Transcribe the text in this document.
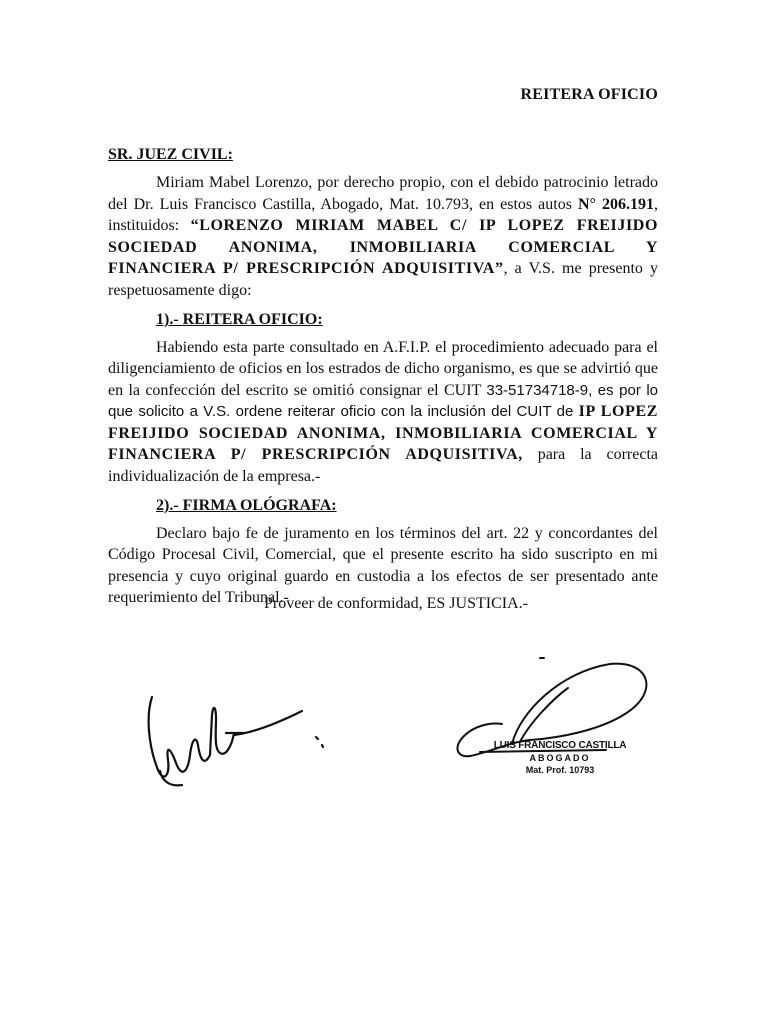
REITERA OFICIO
SR. JUEZ CIVIL:

Miriam Mabel Lorenzo, por derecho propio, con el debido patrocinio letrado del Dr. Luis Francisco Castilla, Abogado, Mat. 10.793, en estos autos N° 206.191, instituidos: “LORENZO MIRIAM MABEL C/ IP LOPEZ FREIJIDO SOCIEDAD ANONIMA, INMOBILIARIA COMERCIAL Y FINANCIERA P/ PRESCRIPCIÓN ADQUISITIVA”, a V.S. me presento y respetuosamente digo:

1).- REITERA OFICIO:

Habiendo esta parte consultado en A.F.I.P. el procedimiento adecuado para el diligenciamiento de oficios en los estrados de dicho organismo, es que se advirtió que en la confección del escrito se omitió consignar el CUIT 33-51734718-9, es por lo que solicito a V.S. ordene reiterar oficio con la inclusión del CUIT de IP LOPEZ FREIJIDO SOCIEDAD ANONIMA, INMOBILIARIA COMERCIAL Y FINANCIERA P/ PRESCRIPCIÓN ADQUISITIVA, para la correcta individualización de la empresa.-

2).- FIRMA OLÓGRAFA:

Declaro bajo fe de juramento en los términos del art. 22 y concordantes del Código Procesal Civil, Comercial, que el presente escrito ha sido suscripto en mi presencia y cuyo original guardo en custodia a los efectos de ser presentado ante requerimiento del Tribunal.-

Proveer de conformidad, ES JUSTICIA.-
LUIS FRANCISCO CASTILLA
ABOGADO
Mat. Prof. 10793
